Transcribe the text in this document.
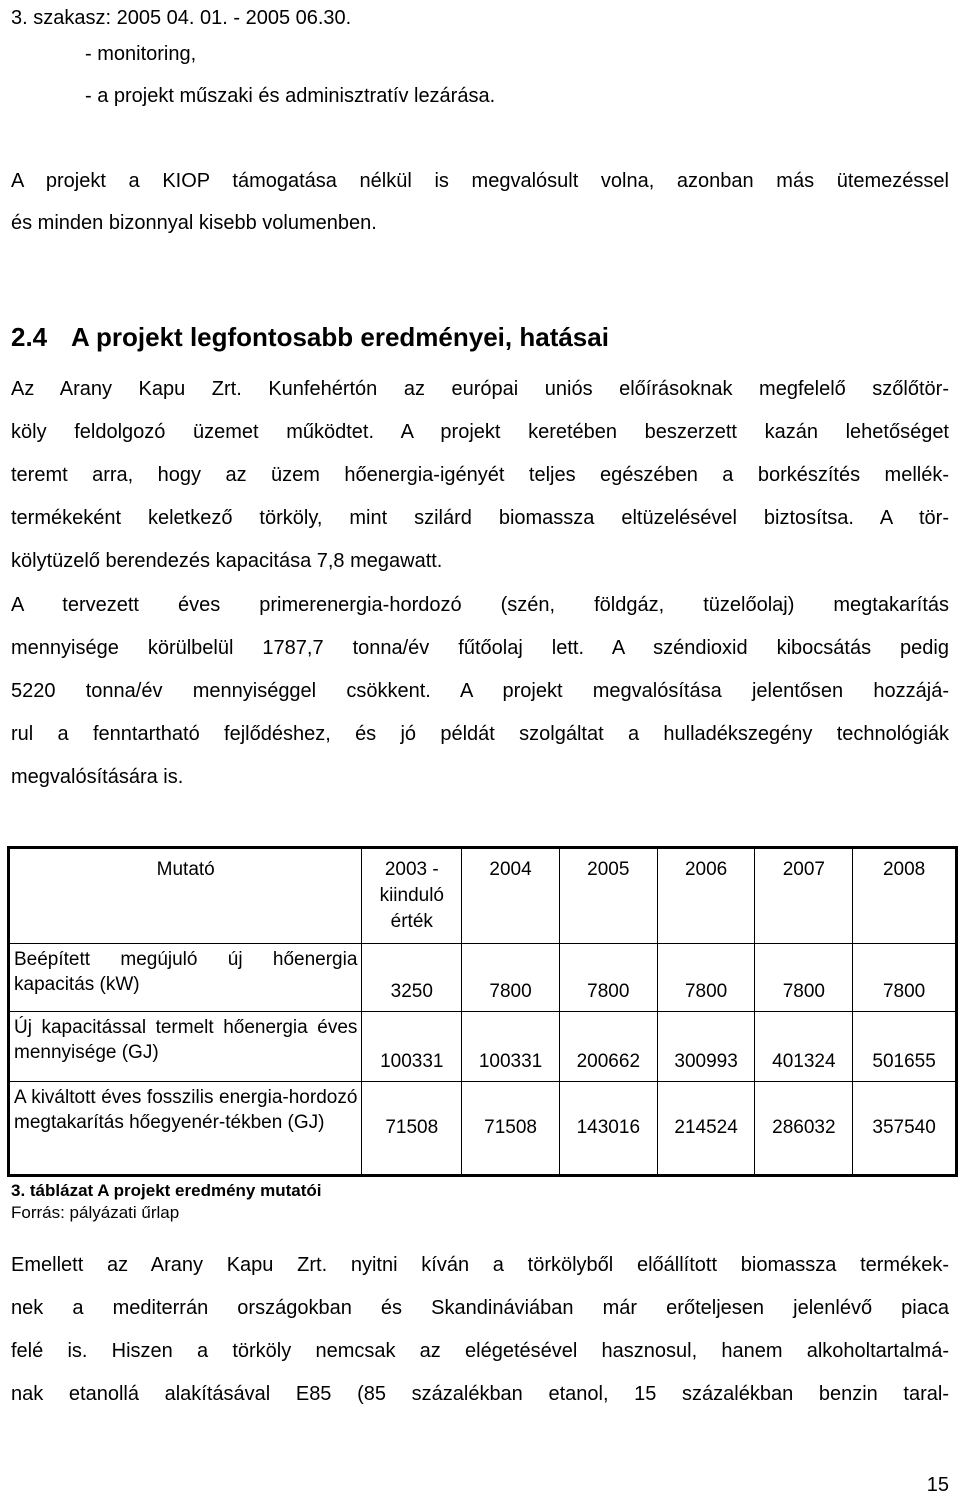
3. szakasz: 2005 04. 01. - 2005 06.30.
- monitoring,
- a projekt műszaki és adminisztratív lezárása.
A projekt a KIOP támogatása nélkül is megvalósult volna, azonban más ütemezéssel
és minden bizonnyal kisebb volumenben.
2.4 A projekt legfontosabb eredményei, hatásai
Az Arany Kapu Zrt. Kunfehértón az európai uniós előírásoknak megfelelő szőlőtör-
köly feldolgozó üzemet működtet. A projekt keretében beszerzett kazán lehetőséget
teremt arra, hogy az üzem hőenergia-igényét teljes egészében a borkészítés mellék-
termékeként keletkező törköly, mint szilárd biomassza eltüzelésével biztosítsa. A tör-
kölytüzelő berendezés kapacitása 7,8 megawatt.
A tervezett éves primerenergia-hordozó (szén, földgáz, tüzelőolaj) megtakarítás
mennyisége körülbelül 1787,7 tonna/év fűtőolaj lett. A széndioxid kibocsátás pedig
5220 tonna/év mennyiséggel csökkent. A projekt megvalósítása jelentősen hozzájá-
rul a fenntartható fejlődéshez, és jó példát szolgáltat a hulladékszegény technológiák
megvalósítására is.
Mutató	2003 - kiinduló érték	2004	2005	2006	2007	2008
Beépített megújuló új hőenergia kapacitás (kW)	3250	7800	7800	7800	7800	7800
Új kapacitással termelt hőenergia éves mennyisége (GJ)	100331	100331	200662	300993	401324	501655
A kiváltott éves fosszilis energia-hordozó megtakarítás hőegyenér-tékben (GJ)	71508	71508	143016	214524	286032	357540
3. táblázat A projekt eredmény mutatói
Forrás: pályázati űrlap
Emellett az Arany Kapu Zrt. nyitni kíván a törkölyből előállított biomassza termékek-
nek a mediterrán országokban és Skandináviában már erőteljesen jelenlévő piaca
felé is. Hiszen a törköly nemcsak az elégetésével hasznosul, hanem alkoholtartalmá-
nak etanollá alakításával E85 (85 százalékban etanol, 15 százalékban benzin taral-
15
